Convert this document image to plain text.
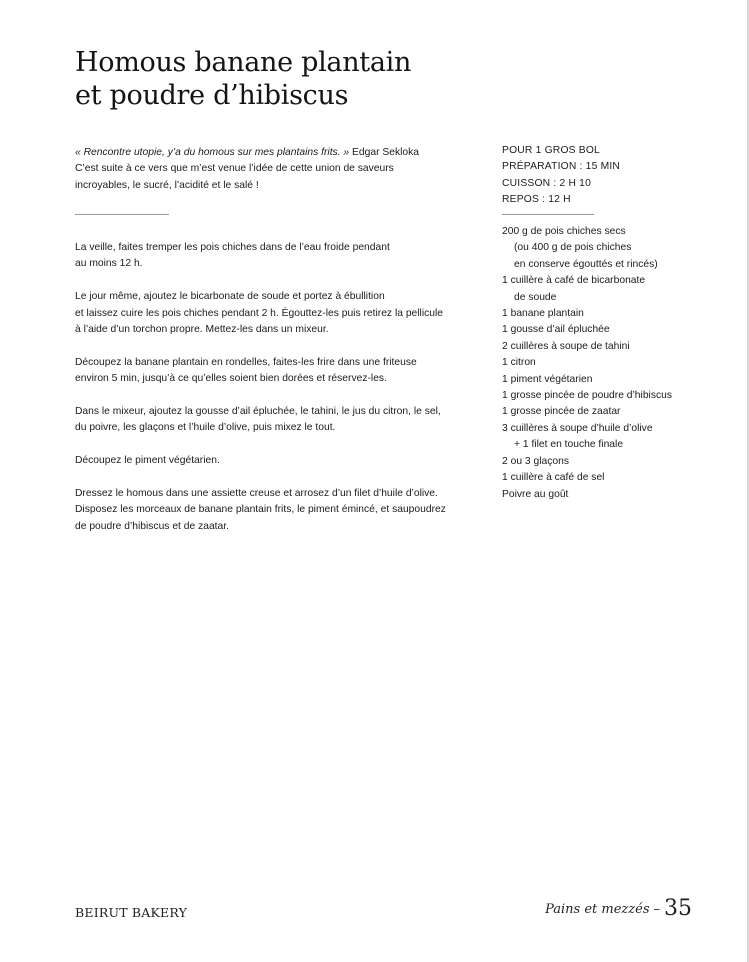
Homous banane plantain
et poudre d’hibiscus
« Rencontre utopie, y’a du homous sur mes plantains frits. » Edgar Sekloka
C’est suite à ce vers que m’est venue l’idée de cette union de saveurs
incroyables, le sucré, l’acidité et le salé !

La veille, faites tremper les pois chiches dans de l’eau froide pendant
au moins 12 h.

Le jour même, ajoutez le bicarbonate de soude et portez à ébullition
et laissez cuire les pois chiches pendant 2 h. Égouttez-les puis retirez la pellicule
à l’aide d’un torchon propre. Mettez-les dans un mixeur.

Découpez la banane plantain en rondelles, faites-les frire dans une friteuse
environ 5 min, jusqu’à ce qu’elles soient bien dorées et réservez-les.

Dans le mixeur, ajoutez la gousse d’ail épluchée, le tahini, le jus du citron, le sel,
du poivre, les glaçons et l’huile d’olive, puis mixez le tout.

Découpez le piment végétarien.

Dressez le homous dans une assiette creuse et arrosez d’un filet d’huile d’olive.
Disposez les morceaux de banane plantain frits, le piment émincé, et saupoudrez
de poudre d’hibiscus et de zaatar.

POUR 1 GROS BOL
PRÉPARATION : 15 MIN
CUISSON : 2 H 10
REPOS : 12 H
200 g de pois chiches secs
(ou 400 g de pois chiches
en conserve égouttés et rincés)
1 cuillère à café de bicarbonate
de soude
1 banane plantain
1 gousse d’ail épluchée
2 cuillères à soupe de tahini
1 citron
1 piment végétarien
1 grosse pincée de poudre d’hibiscus
1 grosse pincée de zaatar
3 cuillères à soupe d’huile d’olive
+ 1 filet en touche finale
2 ou 3 glaçons
1 cuillère à café de sel
Poivre au goût
BEIRUT BAKERY	Pains et mezzés – 35
